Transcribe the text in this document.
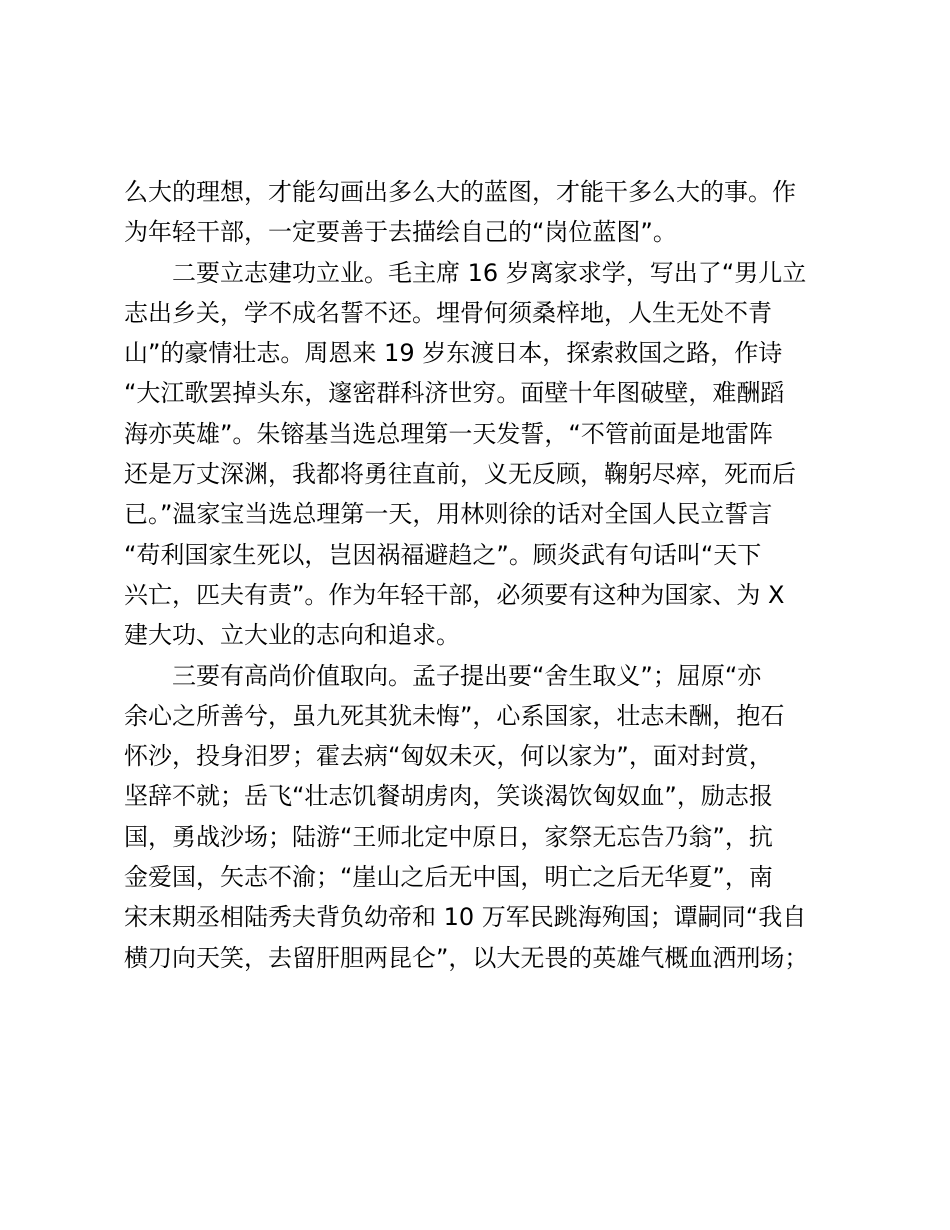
么大的理想，才能勾画出多么大的蓝图，才能干多么大的事。作
为年轻干部，一定要善于去描绘自己的“岗位蓝图”。

二要立志建功立业。毛主席 16 岁离家求学，写出了“男儿立
志出乡关，学不成名誓不还。埋骨何须桑梓地，人生无处不青
山”的豪情壮志。周恩来 19 岁东渡日本，探索救国之路，作诗
“大江歌罢掉头东，邃密群科济世穷。面壁十年图破壁，难酬蹈
海亦英雄”。朱镕基当选总理第一天发誓，“不管前面是地雷阵
还是万丈深渊，我都将勇往直前，义无反顾，鞠躬尽瘁，死而后
已。”温家宝当选总理第一天，用林则徐的话对全国人民立誓言
“苟利国家生死以，岂因祸福避趋之”。顾炎武有句话叫“天下
兴亡，匹夫有责”。作为年轻干部，必须要有这种为国家、为 X
建大功、立大业的志向和追求。

三要有高尚价值取向。孟子提出要“舍生取义”；屈原“亦
余心之所善兮，虽九死其犹未悔”，心系国家，壮志未酬，抱石
怀沙，投身汨罗；霍去病“匈奴未灭，何以家为”，面对封赏，
坚辞不就；岳飞“壮志饥餐胡虏肉，笑谈渴饮匈奴血”，励志报
国，勇战沙场；陆游“王师北定中原日，家祭无忘告乃翁”，抗
金爱国，矢志不渝；“崖山之后无中国，明亡之后无华夏”，南
宋末期丞相陆秀夫背负幼帝和 10 万军民跳海殉国；谭嗣同“我自
横刀向天笑，去留肝胆两昆仑”，以大无畏的英雄气概血洒刑场；
